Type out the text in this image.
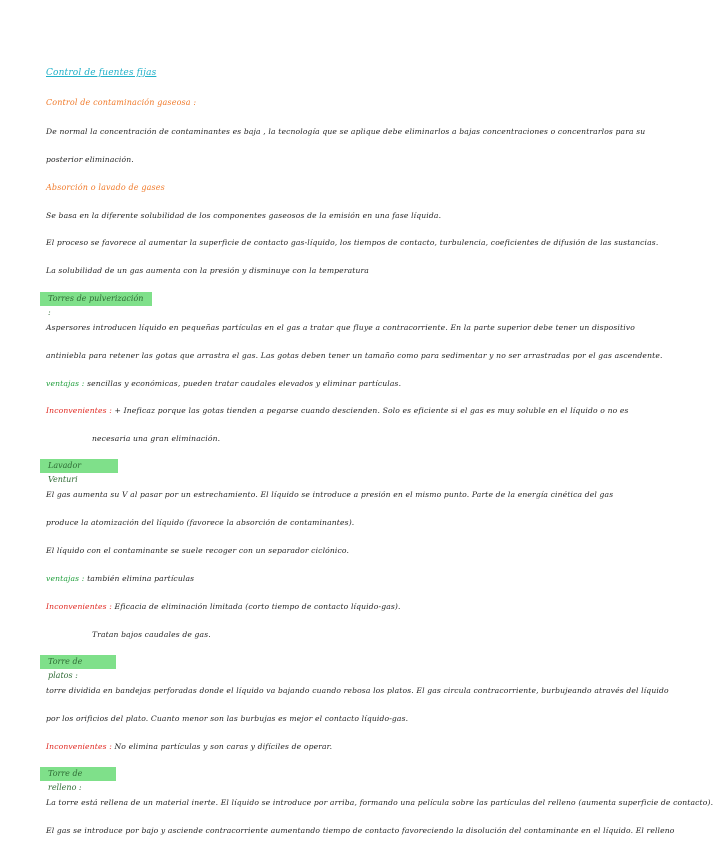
Control de fuentes fijas
Control de contaminación gaseosa :
De normal la concentración de contaminantes es baja , la tecnología que se aplique debe eliminarlos a bajas concentraciones o concentrarlos para su
posterior eliminación.
Absorción o lavado de gases
Se basa en la diferente solubilidad de los componentes gaseosos de la emisión en una fase líquida.
El proceso se favorece al aumentar la superficie de contacto gas-líquido, los tiempos de contacto, turbulencia, coeficientes de difusión de las sustancias.
La solubilidad de un gas aumenta con la presión y disminuye con la temperatura
Torres de pulverización :
Aspersores introducen líquido en pequeñas partículas en el gas a tratar que fluye a contracorriente. En la parte superior debe tener un dispositivo
antiniebla para retener las gotas que arrastra el gas. Las gotas deben tener un tamaño como para sedimentar y no ser arrastradas por el gas ascendente.
ventajas : sencillas y económicas, pueden tratar caudales elevados y eliminar partículas.
Inconvenientes : + Ineficaz porque las gotas tienden a pegarse cuando descienden. Solo es eficiente si el gas es muy soluble en el líquido o no es
necesaria una gran eliminación.
Lavador Venturi
El gas aumenta su V al pasar por un estrechamiento. El líquido se introduce a presión en el mismo punto. Parte de la energía cinética del gas
produce la atomización del líquido (favorece la absorción de contaminantes).
El líquido con el contaminante se suele recoger con un separador ciclónico.
ventajas : también elimina partículas
Inconvenientes : Eficacia de eliminación limitada (corto tiempo de contacto líquido-gas).
Tratan bajos caudales de gas.
Torre de platos :
torre dividida en bandejas perforadas donde el líquido va bajando cuando rebosa los platos. El gas circula contracorriente, burbujeando através del líquido
por los orificios del plato. Cuanto menor son las burbujas es mejor el contacto líquido-gas.
Inconvenientes : No elimina partículas y son caras y difíciles de operar.
Torre de relleno :
La torre está rellena de un material inerte. El líquido se introduce por arriba, formando una película sobre las partículas del relleno (aumenta superficie de contacto).
El gas se introduce por bajo y asciende contracorriente aumentando tiempo de contacto favoreciendo la disolución del contaminante en el líquido. El relleno
